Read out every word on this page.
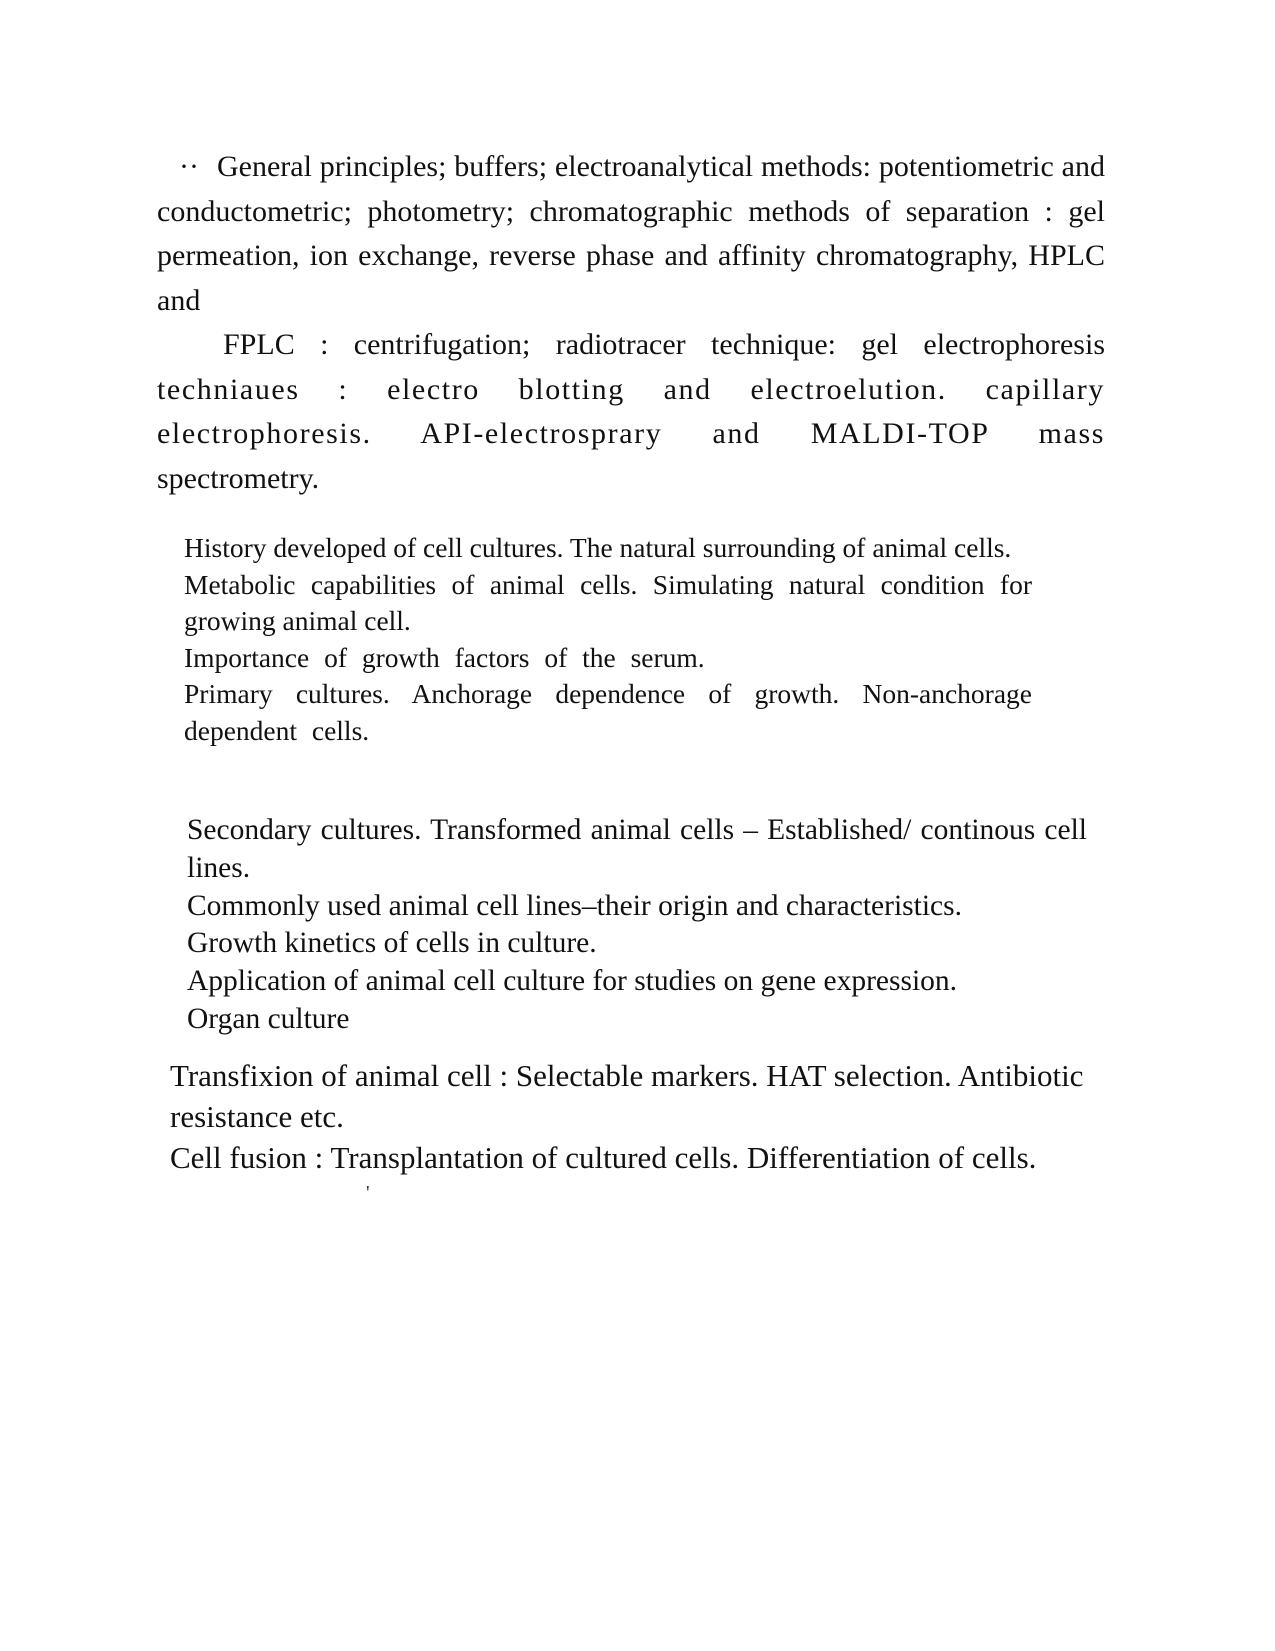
·· General principles; buffers; electroanalytical methods: potentiometric and conductometric; photometry; chromatographic methods of separation : gel permeation, ion exchange, reverse phase and affinity chromatography, HPLC and

FPLC : centrifugation; radiotracer technique: gel electrophoresis techniaues : electro blotting and electroelution. capillary electrophoresis. API-electrosprary and MALDI-TOP mass spectrometry.

History developed of cell cultures. The natural surrounding of animal cells.

Metabolic capabilities of animal cells. Simulating natural condition for growing animal cell.

Importance of growth factors of the serum.

Primary cultures. Anchorage dependence of growth. Non-anchorage dependent cells.

Secondary cultures. Transformed animal cells – Established/ continous cell lines.

Commonly used animal cell lines–their origin and characteristics.

Growth kinetics of cells in culture.

Application of animal cell culture for studies on gene expression.

Organ culture

Transfixion of animal cell : Selectable markers. HAT selection. Antibiotic resistance etc.

Cell fusion : Transplantation of cultured cells. Differentiation of cells.

'
